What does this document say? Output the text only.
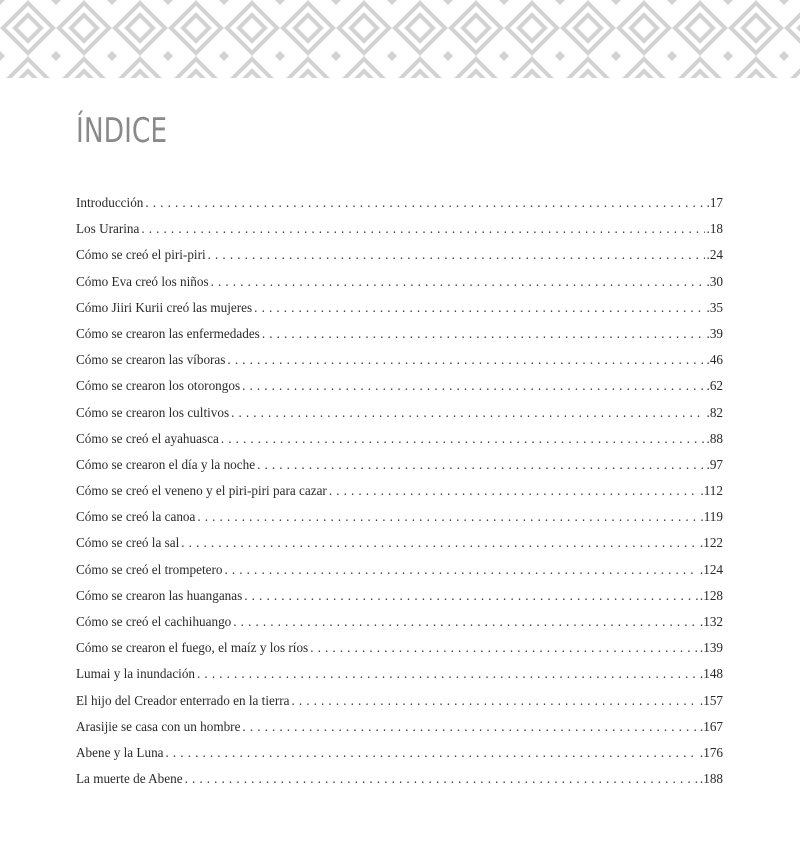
ÍNDICE
Introducción . . .	.17
Los Urarina . . .	.18
Cómo se creó el piri-piri . . .	.24
Cómo Eva creó los niños . . .	.30
Cómo Jiiri Kurii creó las mujeres . . .	.35
Cómo se crearon las enfermedades . . .	.39
Cómo se crearon las víboras . . .	.46
Cómo se crearon los otorongos . . .	.62
Cómo se crearon los cultivos . . .	.82
Cómo se creó el ayahuasca . . .	.88
Cómo se crearon el día y la noche . . .	.97
Cómo se creó el veneno y el piri-piri para cazar . . .	.112
Cómo se creó la canoa . . .	.119
Cómo se creó la sal . . .	.122
Cómo se creó el trompetero . . .	.124
Cómo se crearon las huanganas . . .	.128
Cómo se creó el cachihuango . . .	.132
Cómo se crearon el fuego, el maíz y los ríos . . .	.139
Lumai y la inundación . . .	.148
El hijo del Creador enterrado en la tierra . . .	.157
Arasijie se casa con un hombre . . .	.167
Abene y la Luna . . .	.176
La muerte de Abene . . .	.188
